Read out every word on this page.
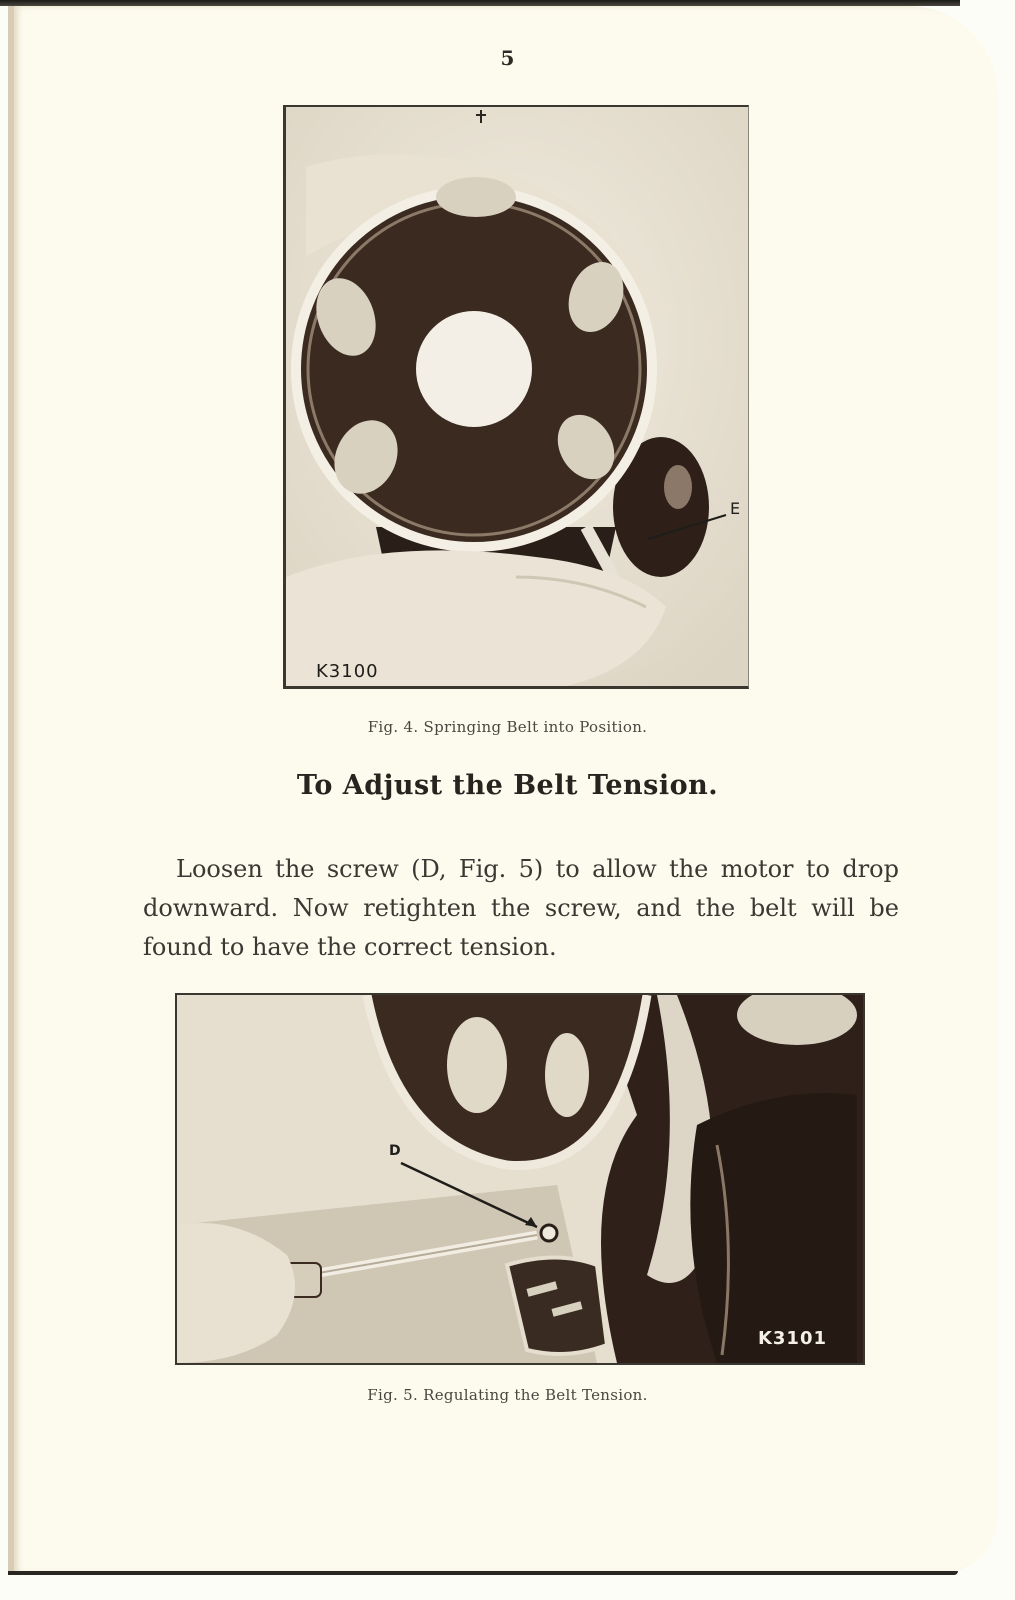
5
E
K3100
Fig. 4. Springing Belt into Position.
To Adjust the Belt Tension.

Loosen the screw (D, Fig. 5) to allow the motor to drop downward. Now retighten the screw, and the belt will be found to have the correct tension.

D
K3101
Fig. 5. Regulating the Belt Tension.
